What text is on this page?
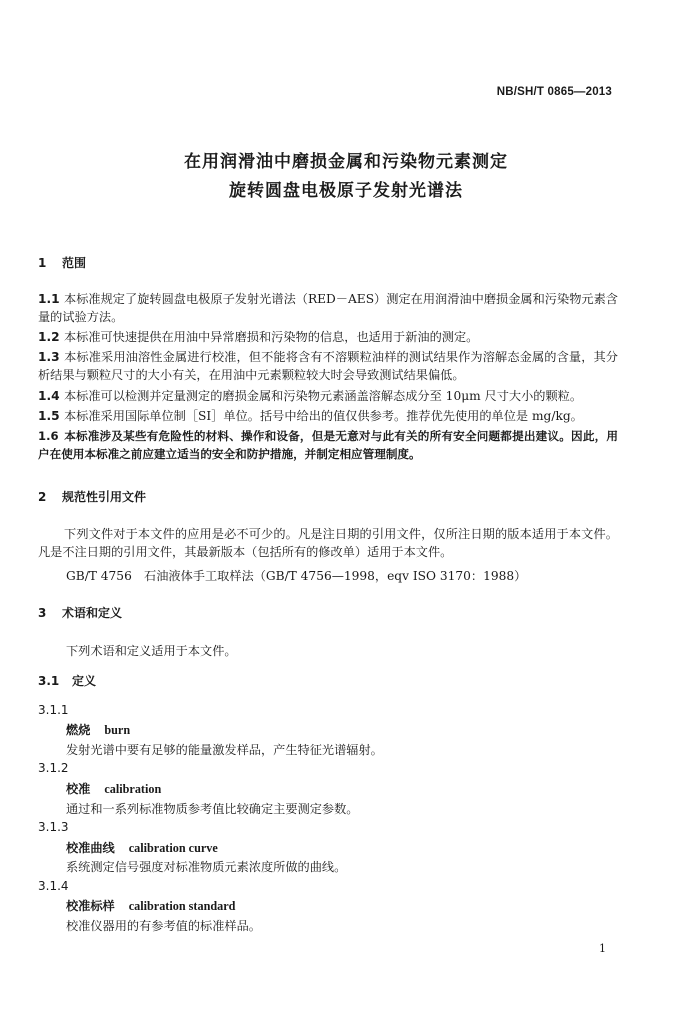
NB/SH/T 0865—2013
在用润滑油中磨损金属和污染物元素测定
旋转圆盘电极原子发射光谱法
1 范围
1.1 本标准规定了旋转圆盘电极原子发射光谱法（RED－AES）测定在用润滑油中磨损金属和污染物元素含量的试验方法。
1.2 本标准可快速提供在用油中异常磨损和污染物的信息，也适用于新油的测定。
1.3 本标准采用油溶性金属进行校准，但不能将含有不溶颗粒油样的测试结果作为溶解态金属的含量，其分析结果与颗粒尺寸的大小有关，在用油中元素颗粒较大时会导致测试结果偏低。
1.4 本标准可以检测并定量测定的磨损金属和污染物元素涵盖溶解态成分至 10μm 尺寸大小的颗粒。
1.5 本标准采用国际单位制［SI］单位。括号中给出的值仅供参考。推荐优先使用的单位是 mg/kg。
1.6 本标准涉及某些有危险性的材料、操作和设备，但是无意对与此有关的所有安全问题都提出建议。因此，用户在使用本标准之前应建立适当的安全和防护措施，并制定相应管理制度。
2 规范性引用文件
下列文件对于本文件的应用是必不可少的。凡是注日期的引用文件，仅所注日期的版本适用于本文件。凡是不注日期的引用文件，其最新版本（包括所有的修改单）适用于本文件。
GB/T 4756　石油液体手工取样法（GB/T 4756—1998，eqv ISO 3170：1988）
3 术语和定义
下列术语和定义适用于本文件。
3.1 定义
3.1.1
燃烧 burn
发射光谱中要有足够的能量激发样品，产生特征光谱辐射。
3.1.2
校准 calibration
通过和一系列标准物质参考值比较确定主要测定参数。
3.1.3
校准曲线 calibration curve
系统测定信号强度对标准物质元素浓度所做的曲线。
3.1.4
校准标样 calibration standard
校准仪器用的有参考值的标准样品。
1
